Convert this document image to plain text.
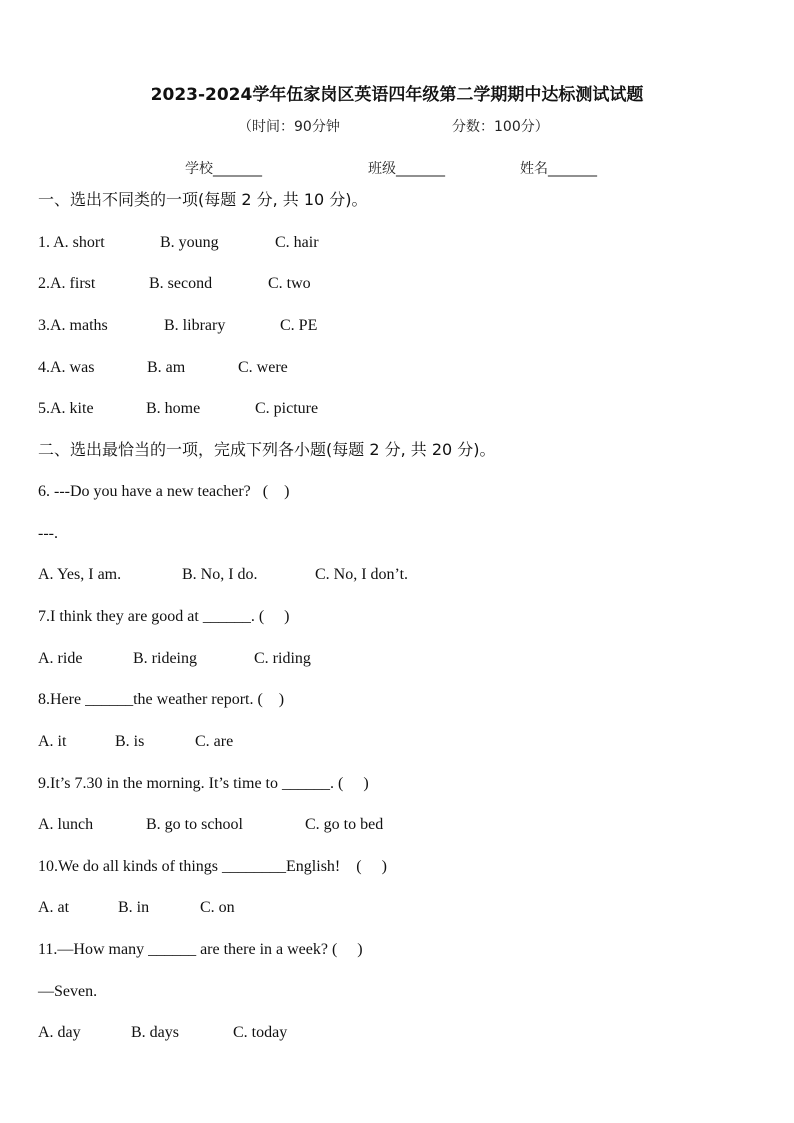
2023-2024学年伍家岗区英语四年级第二学期期中达标测试试题
（时间：90分钟	分数：100分）
学校_______	班级_______	姓名_______
一、选出不同类的一项(每题 2 分, 共 10 分)。
1. A. short	B. young	C. hair
2.A. first	B. second	C. two
3.A. maths	B. library	C. PE
4.A. was	B. am	C. were
5.A. kite	B. home	C. picture
二、选出最恰当的一项，完成下列各小题(每题 2 分, 共 20 分)。
6. ---Do you have a new teacher?   (    )
---.
A. Yes, I am.	B. No, I do.	C. No, I don’t.
7.I think they are good at ______. (     )
A. ride	B. rideing	C. riding
8.Here ______the weather report. (    )
A. it	B. is	C. are
9.It’s 7.30 in the morning. It’s time to ______. (     )
A. lunch	B. go to school	C. go to bed
10.We do all kinds of things ________English!    (     )
A. at	B. in	C. on
11.—How many ______ are there in a week? (     )
—Seven.
A. day	B. days	C. today
